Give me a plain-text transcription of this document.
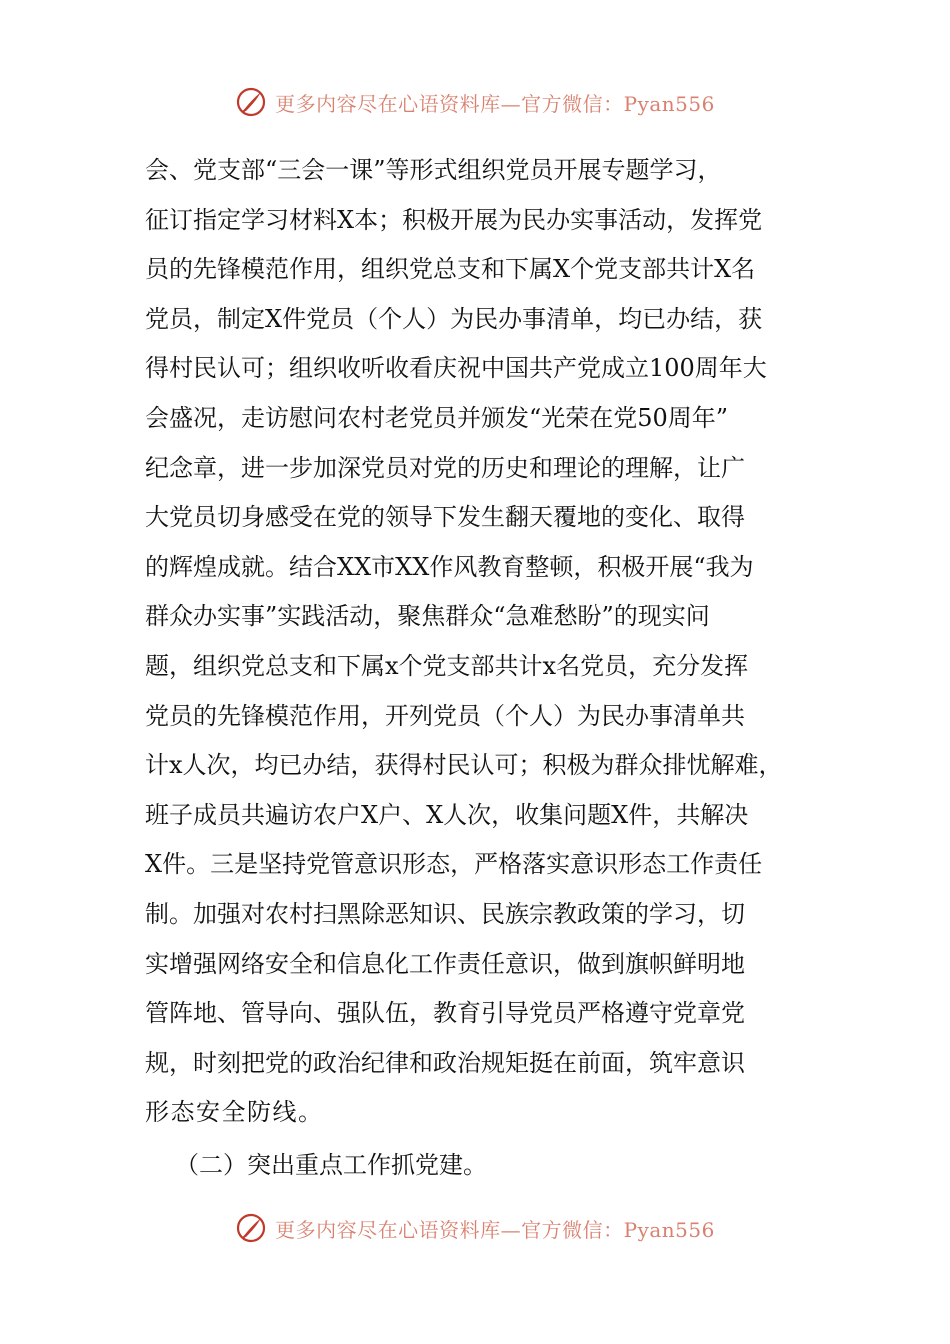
更多内容尽在心语资料库—官方微信：Pyan556
会、党支部“三会一课”等形式组织党员开展专题学习，
征订指定学习材料X本；积极开展为民办实事活动，发挥党
员的先锋模范作用，组织党总支和下属X个党支部共计X名
党员，制定X件党员（个人）为民办事清单，均已办结，获
得村民认可；组织收听收看庆祝中国共产党成立100周年大
会盛况，走访慰问农村老党员并颁发“光荣在党50周年”
纪念章，进一步加深党员对党的历史和理论的理解，让广
大党员切身感受在党的领导下发生翻天覆地的变化、取得
的辉煌成就。结合XX市XX作风教育整顿，积极开展“我为
群众办实事”实践活动，聚焦群众“急难愁盼”的现实问
题，组织党总支和下属x个党支部共计x名党员，充分发挥
党员的先锋模范作用，开列党员（个人）为民办事清单共
计x人次，均已办结，获得村民认可；积极为群众排忧解难，
班子成员共遍访农户X户、X人次，收集问题X件，共解决
X件。三是坚持党管意识形态，严格落实意识形态工作责任
制。加强对农村扫黑除恶知识、民族宗教政策的学习，切
实增强网络安全和信息化工作责任意识，做到旗帜鲜明地
管阵地、管导向、强队伍，教育引导党员严格遵守党章党
规，时刻把党的政治纪律和政治规矩挺在前面，筑牢意识
形态安全防线。
（二）突出重点工作抓党建。
更多内容尽在心语资料库—官方微信：Pyan556
